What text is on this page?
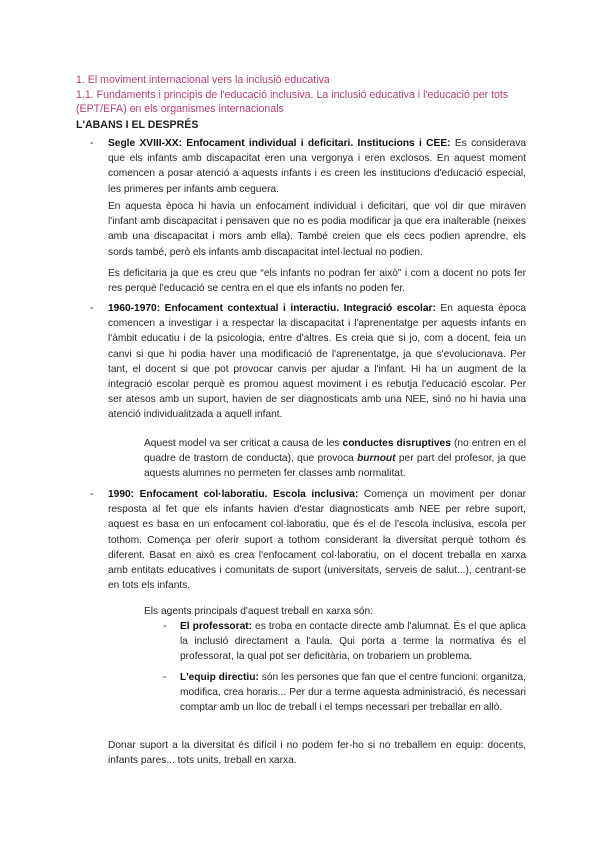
1. El moviment internacional vers la inclusió educativa
1.1. Fundaments i principis de l'educació inclusiva. La inclusió educativa i l'educació per tots (EPT/EFA) en els organismes internacionals
L'ABANS I EL DESPRÉS
- Segle XVIII-XX: Enfocament individual i deficitari. Institucions i CEE: Es considerava que els infants amb discapacitat eren una vergonya i eren exclosos. En aquest moment comencen a posar atenció a aquests infants i es creen les institucions d'educació especial, les primeres per infants amb ceguera.
En aquesta època hi havia un enfocament individual i deficitari, que vol dir que miraven l'infant amb discapacitat i pensaven que no es podia modificar ja que era inalterable (neixes amb una discapacitat i mors amb ella). També creien que els cecs podien aprendre, els sords també, però els infants amb discapacitat intel·lectual no podien.
Es deficitaria ja que es creu que “els infants no podran fer això” i com a docent no pots fer res perquè l'educació se centra en el que els infants no poden fer.
- 1960-1970: Enfocament contextual i interactiu. Integració escolar: En aquesta època comencen a investigar i a respectar la discapacitat i l'aprenentatge per aquests infants en l'àmbit educatiu i de la psicologia, entre d'altres. Es creia que si jo, com a docent, feia un canvi si que hi podia haver una modificació de l'aprenentatge, ja que s'evolucionava. Per tant, el docent si que pot provocar canvis per ajudar a l'infant. Hi ha un augment de la integració escolar perquè es promou aquest moviment i es rebutja l'educació escolar. Per ser atesos amb un suport, havien de ser diagnosticats amb una NEE, sinó no hi havia una atenció individualitzada a aquell infant.
Aquest model va ser criticat a causa de les conductes disruptives (no entren en el quadre de trastorn de conducta), que provoca burnout per part del profesor, ja que aquests alumnes no permeten fer classes amb normalitat.
- 1990: Enfocament col·laboratiu. Escola inclusiva: Comença un moviment per donar resposta al fet que els infants havien d'estar diagnosticats amb NEE per rebre suport, aquest es basa en un enfocament col·laboratiu, que és el de l'escola inclusiva, escola per tothom. Comença per oferir suport a tothom considerant la diversitat perquè tothom és diferent. Basat en això es crea l'enfocament col·laboratiu, on el docent treballa en xarxa amb entitats educatives i comunitats de suport (universitats, serveis de salut...), centrant-se en tots els infants.
Els agents principals d'aquest treball en xarxa són:
- El professorat: es troba en contacte directe amb l'alumnat. És el que aplica la inclusió directament a l'aula. Qui porta a terme la normativa és el professorat, la qual pot ser deficitària, on trobariem un problema.
- L'equip directiu: són les persones que fan que el centre funcioni: organitza, modifica, crea horaris... Per dur a terme aquesta administració, és necessari comptar amb un lloc de treball i el temps necessari per treballar en allò.
Donar suport a la diversitat és difícil i no podem fer-ho si no treballem en equip: docents, infants pares... tots units, treball en xarxa.
